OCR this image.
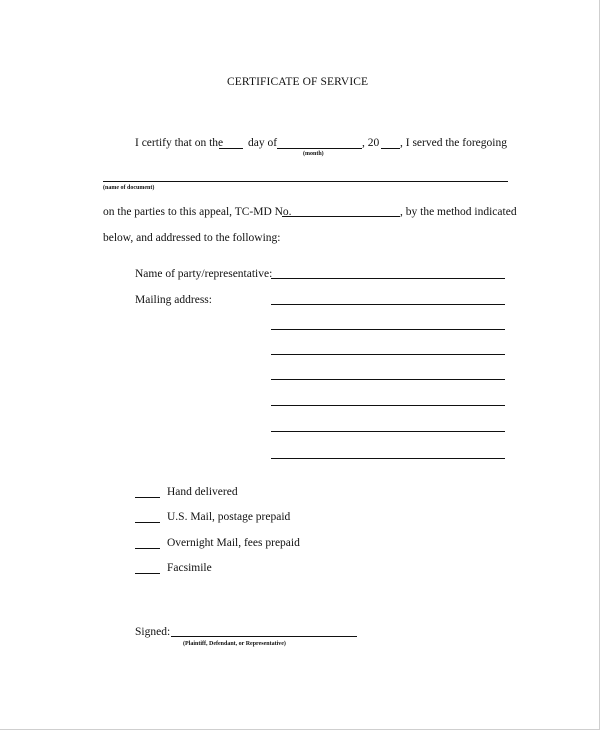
CERTIFICATE OF SERVICE
I certify that on the day of
(month)
, 20 , I served the foregoing
(name of document)
on the parties to this appeal, TC-MD No.	, by the method indicated
below, and addressed to the following:
Name of party/representative:
Mailing address:
Hand delivered
U.S. Mail, postage prepaid
Overnight Mail, fees prepaid
Facsimile
Signed:
(Plaintiff, Defendant, or Representative)
